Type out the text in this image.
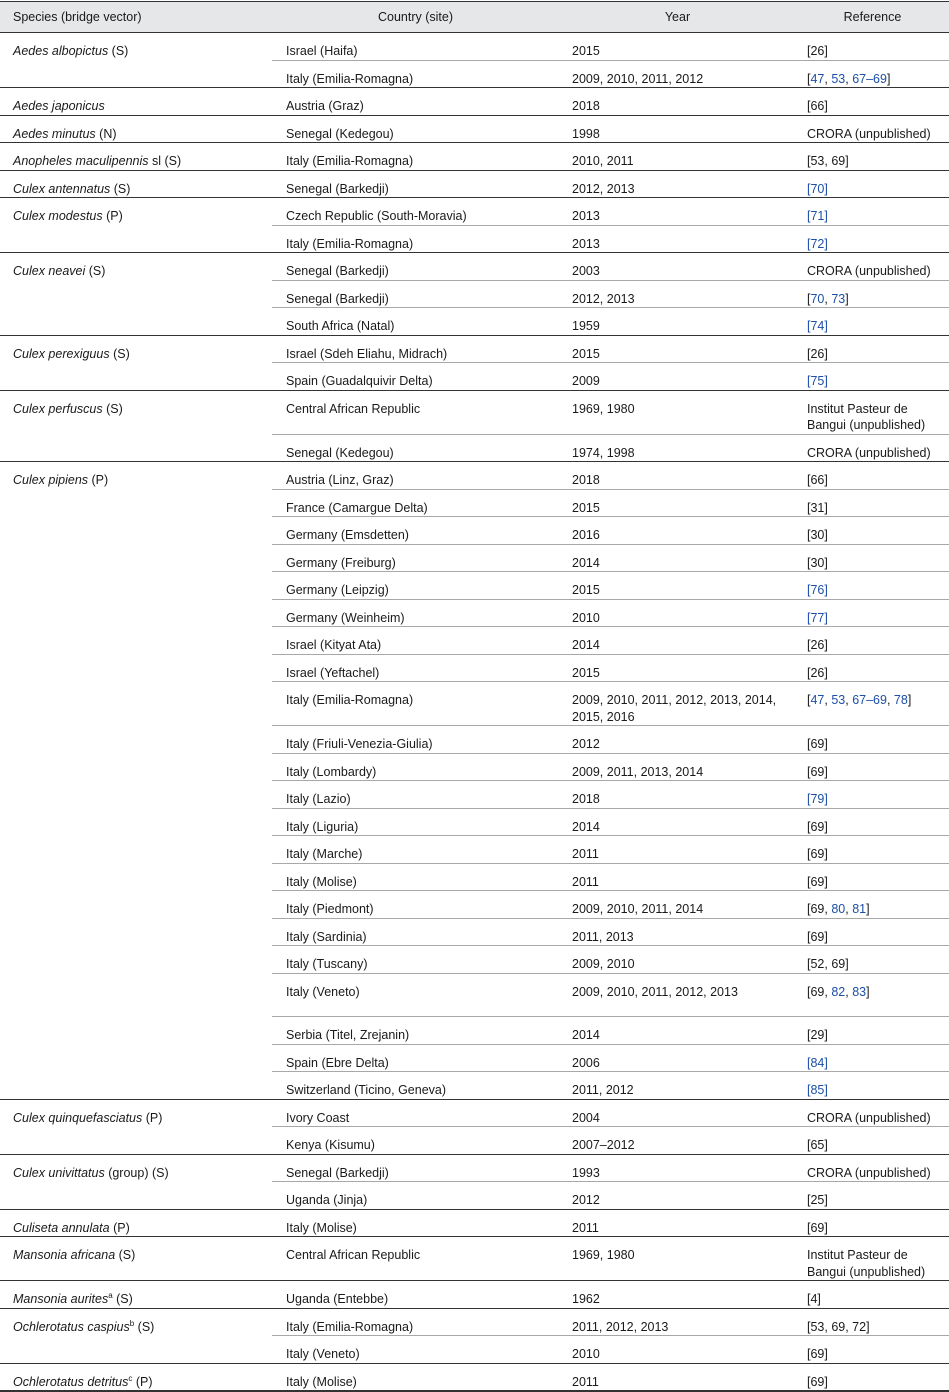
Species (bridge vector)	Country (site)	Year	Reference
Aedes albopictus (S)	Israel (Haifa)	2015	[26]
	Italy (Emilia-Romagna)	2009, 2010, 2011, 2012	[47, 53, 67–69]
Aedes japonicus	Austria (Graz)	2018	[66]
Aedes minutus (N)	Senegal (Kedegou)	1998	CRORA (unpublished)
Anopheles maculipennis sl (S)	Italy (Emilia-Romagna)	2010, 2011	[53, 69]
Culex antennatus (S)	Senegal (Barkedji)	2012, 2013	[70]
Culex modestus (P)	Czech Republic (South-Moravia)	2013	[71]
	Italy (Emilia-Romagna)	2013	[72]
Culex neavei (S)	Senegal (Barkedji)	2003	CRORA (unpublished)
	Senegal (Barkedji)	2012, 2013	[70, 73]
	South Africa (Natal)	1959	[74]
Culex perexiguus (S)	Israel (Sdeh Eliahu, Midrach)	2015	[26]
	Spain (Guadalquivir Delta)	2009	[75]
Culex perfuscus (S)	Central African Republic	1969, 1980	Institut Pasteur de Bangui (unpublished)
	Senegal (Kedegou)	1974, 1998	CRORA (unpublished)
Culex pipiens (P)	Austria (Linz, Graz)	2018	[66]
	France (Camargue Delta)	2015	[31]
	Germany (Emsdetten)	2016	[30]
	Germany (Freiburg)	2014	[30]
	Germany (Leipzig)	2015	[76]
	Germany (Weinheim)	2010	[77]
	Israel (Kityat Ata)	2014	[26]
	Israel (Yeftachel)	2015	[26]
	Italy (Emilia-Romagna)	2009, 2010, 2011, 2012, 2013, 2014, 2015, 2016	[47, 53, 67–69, 78]
	Italy (Friuli-Venezia-Giulia)	2012	[69]
	Italy (Lombardy)	2009, 2011, 2013, 2014	[69]
	Italy (Lazio)	2018	[79]
	Italy (Liguria)	2014	[69]
	Italy (Marche)	2011	[69]
	Italy (Molise)	2011	[69]
	Italy (Piedmont)	2009, 2010, 2011, 2014	[69, 80, 81]
	Italy (Sardinia)	2011, 2013	[69]
	Italy (Tuscany)	2009, 2010	[52, 69]
	Italy (Veneto)	2009, 2010, 2011, 2012, 2013	[69, 82, 83]
	Serbia (Titel, Zrejanin)	2014	[29]
	Spain (Ebre Delta)	2006	[84]
	Switzerland (Ticino, Geneva)	2011, 2012	[85]
Culex quinquefasciatus (P)	Ivory Coast	2004	CRORA (unpublished)
	Kenya (Kisumu)	2007–2012	[65]
Culex univittatus (group) (S)	Senegal (Barkedji)	1993	CRORA (unpublished)
	Uganda (Jinja)	2012	[25]
Culiseta annulata (P)	Italy (Molise)	2011	[69]
Mansonia africana (S)	Central African Republic	1969, 1980	Institut Pasteur de Bangui (unpublished)
Mansonia aurites$^a$ (S)	Uganda (Entebbe)	1962	[4]
Ochlerotatus caspius$^b$ (S)	Italy (Emilia-Romagna)	2011, 2012, 2013	[53, 69, 72]
	Italy (Veneto)	2010	[69]
Ochlerotatus detritus$^c$ (P)	Italy (Molise)	2011	[69]
